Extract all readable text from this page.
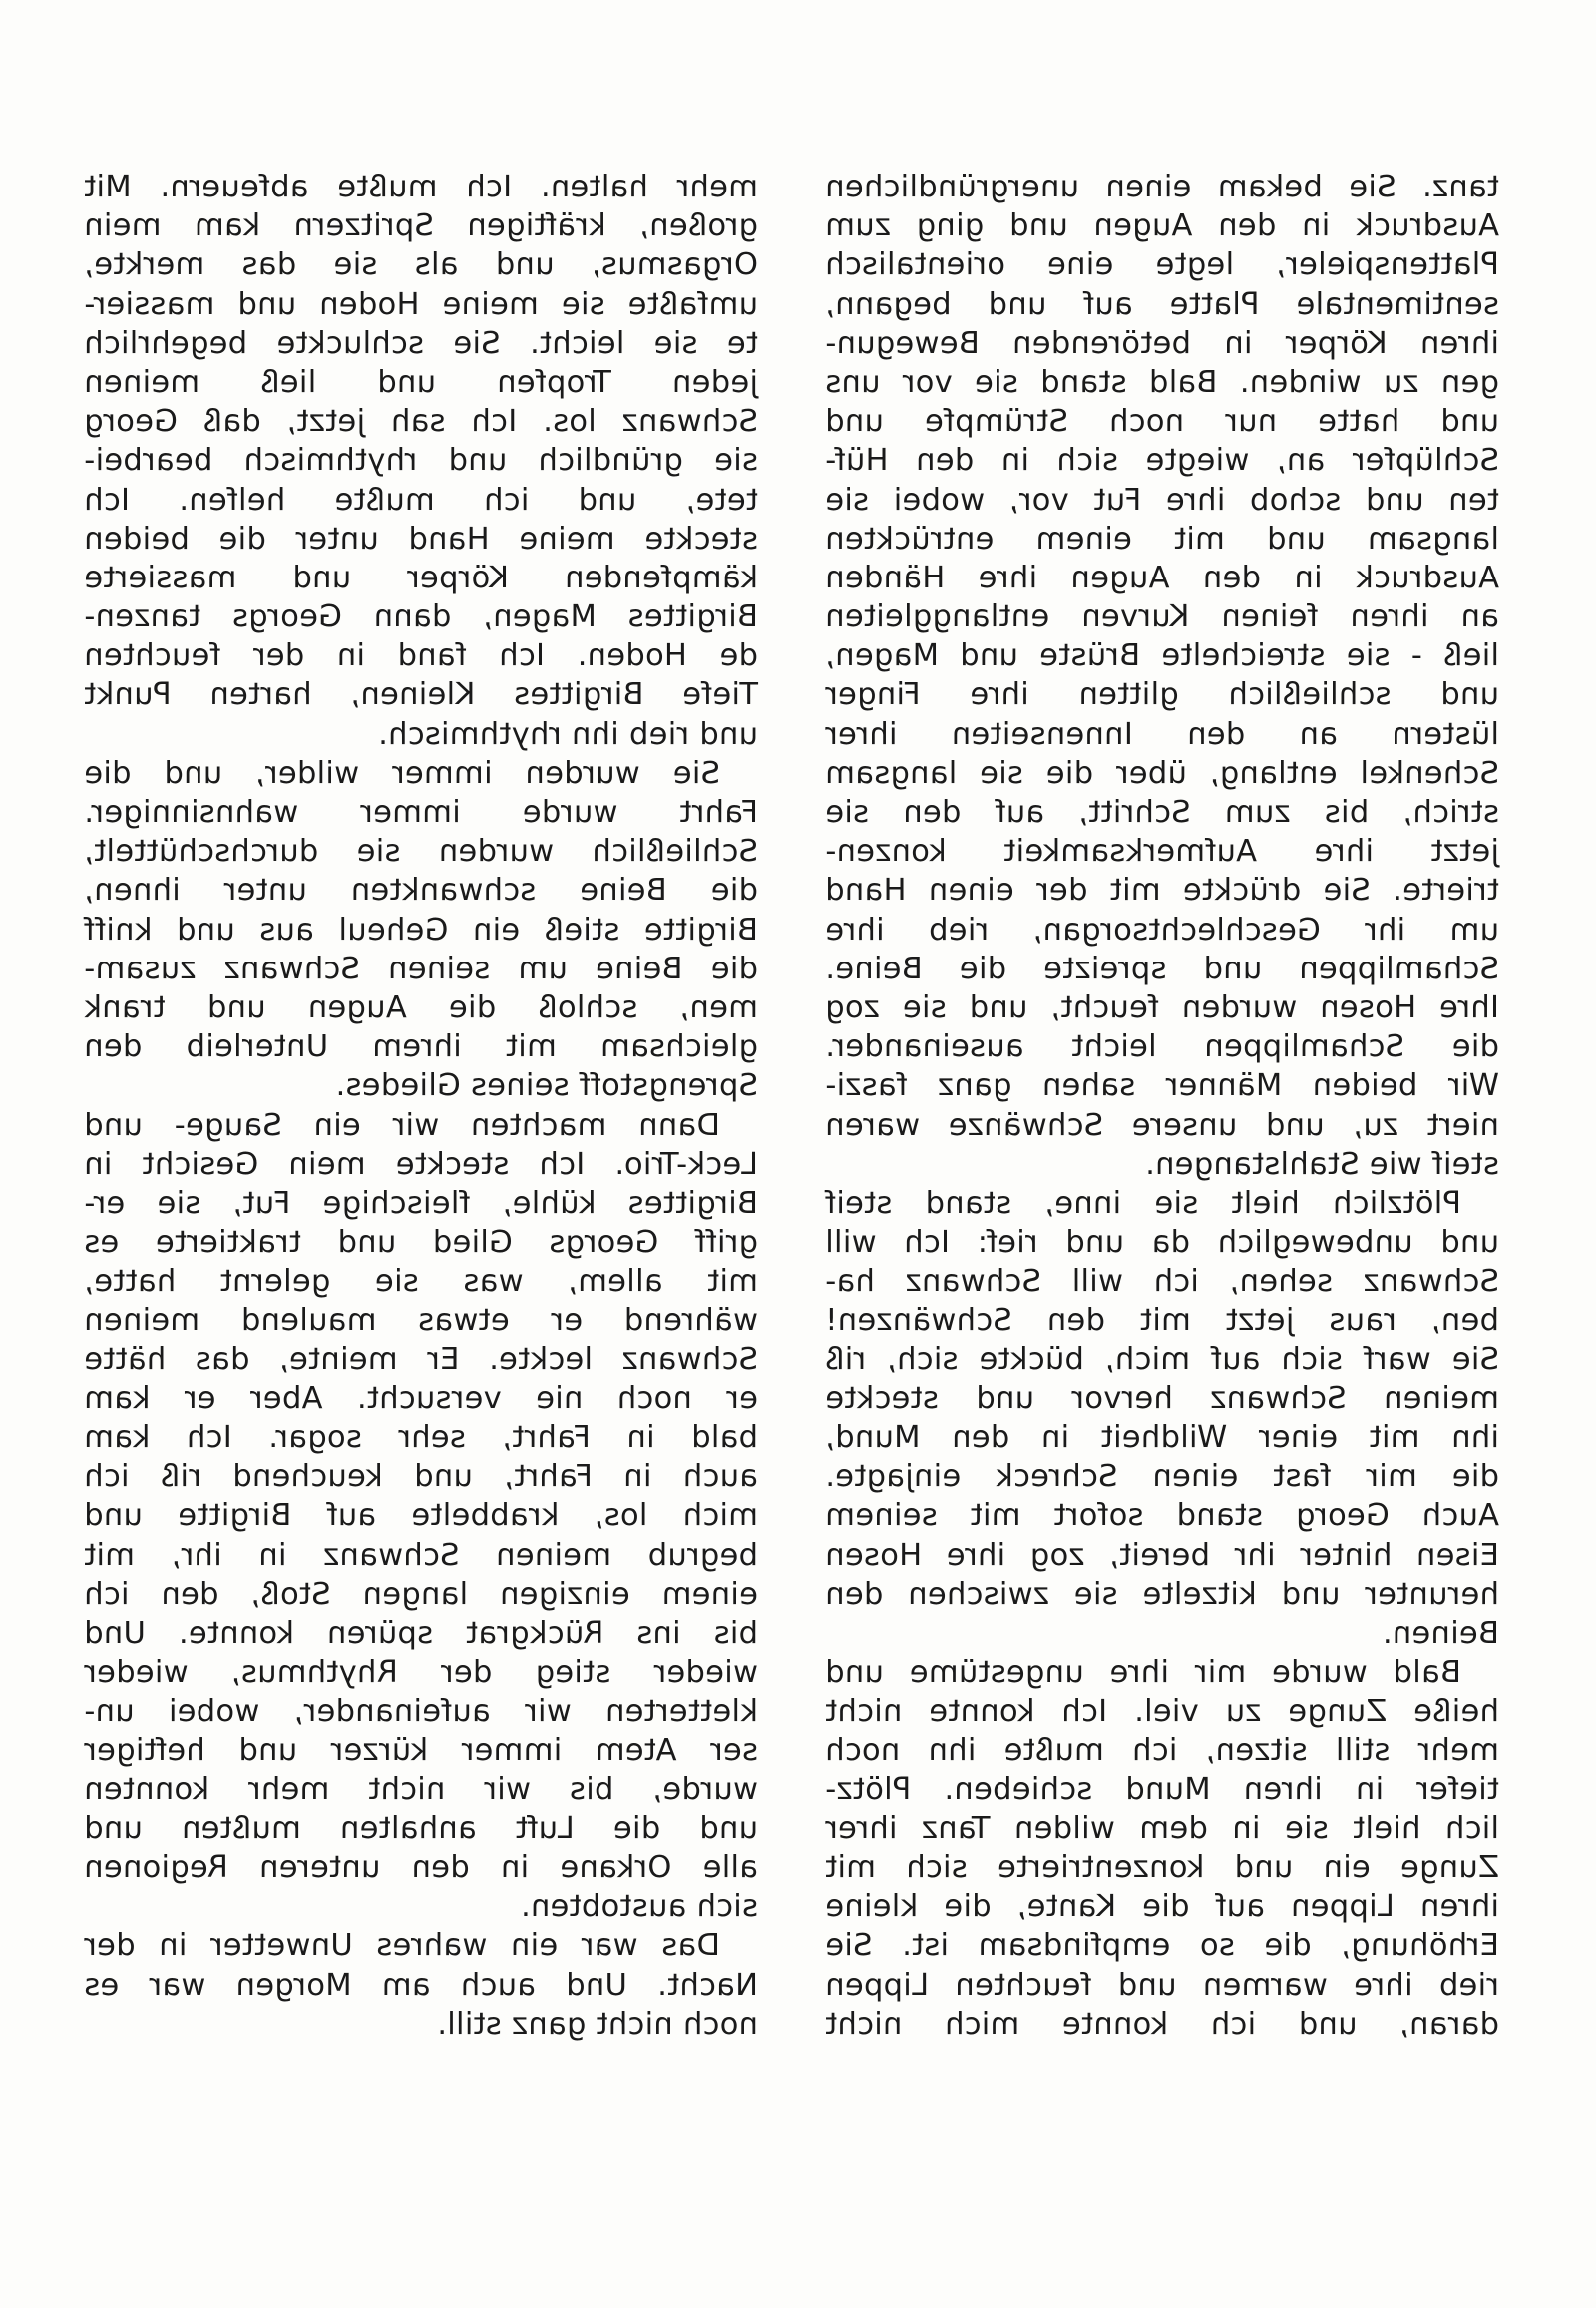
tanz. Sie bekam einen unergründlichen
Ausdruck in den Augen und ging zum
Plattenspieler, legte eine orientalisch
sentimentale Platte auf und begann,
ihren Körper in betörenden Bewegun-
gen zu winden. Bald stand sie vor uns
und hatte nur noch Strümpfe und
Schlüpfer an, wiegte sich in den Hüf-
ten und schob ihre Fut vor, wobei sie
langsam und mit einem entrückten
Ausdruck in den Augen ihre Händen
an ihren feinen Kurven entlanggleiten
ließ - sie streichelte Brüste und Magen,
und schließlich glitten ihre Finger
lüstern an den Innenseiten ihrer
Schenkel entlang, über die sie langsam
strich, bis zum Schritt, auf den sie
jetzt ihre Aufmerksamkeit konzen-
trierte. Sie drückte mit der einen Hand
um ihr Geschlechtsorgan, rieb ihre
Schamlippen und spreizte die Beine.
Ihre Hosen wurden feucht, und sie zog
die Schamlippen leicht auseinander.
Wir beiden Männer sahen ganz faszi-
niert zu, und unsere Schwänze waren
steif wie Stahlstangen.
Plötzlich hielt sie inne, stand steif
und unbeweglich da und rief: Ich will
Schwanz sehen, ich will Schwanz ha-
ben, raus jetzt mit den Schwänzen!
Sie warf sich auf mich, bückte sich, riß
meinen Schwanz hervor und steckte
ihn mit einer Wildheit in den Mund,
die mir fast einen Schreck einjagte.
Auch Georg stand sofort mit seinem
Eisen hinter ihr bereit, zog ihre Hosen
herunter und kitzelte sie zwischen den
Beinen.
Bald wurde mir ihre ungestüme und
heiße Zunge zu viel. Ich konnte nicht
mehr still sitzen, ich mußte ihn noch
tiefer in ihren Mund schieben. Plötz-
lich hielt sie in dem wilden Tanz ihrer
Zunge ein und konzentrierte sich mit
ihren Lippen auf die Kante, die kleine
Erhöhung, die so empfindsam ist. Sie
rieb ihre warmen und feuchten Lippen
daran, und ich konnte mich nicht
mehr halten. Ich mußte abfeuern. Mit
großen, kräftigen Spritzern kam mein
Orgasmus, und als sie das merkte,
umfaßte sie meine Hoden und massier-
te sie leicht. Sie schluckte begehrlich
jeden Tropfen und ließ meinen
Schwanz los. Ich sah jetzt, daß Georg
sie gründlich und rhythmisch bearbei-
tete, und ich mußte helfen. Ich
steckte meine Hand unter die beiden
kämpfenden Körper und massierte
Birgittes Magen, dann Georgs tanzen-
de Hoden. Ich fand in der feuchten
Tiefe Birgittes Kleinen, harten Punkt
und rieb ihn rhythmisch.
Sie wurden immer wilder, und die
Fahrt wurde immer wahnsinniger.
Schließlich wurden sie durchschüttelt,
die Beine schwankten unter ihnen,
Birgitte stieß ein Geheul aus und kniff
die Beine um seinen Schwanz zusam-
men, schloß die Augen und trank
gleichsam mit ihrem Unterleib den
Sprengstoff seines Gliedes.
Dann machten wir ein Sauge- und
Leck-Trio. Ich steckte mein Gesicht in
Birgittes kühle, fleischige Fut, sie er-
griff Georgs Glied und traktierte es
mit allem, was sie gelernt hatte,
während er etwas maulend meinen
Schwanz leckte. Er meinte, das hätte
er noch nie versucht. Aber er kam
bald in Fahrt, sehr sogar. Ich kam
auch in Fahrt, und keuchend riß ich
mich los, krabbelte auf Birgitte und
begrub meinen Schwanz in ihr, mit
einem einzigen langen Stoß, den ich
bis ins Rückgrat spüren konnte. Und
wieder stieg der Rhythmus, wieder
kletterten wir aufeinander, wobei un-
ser Atem immer kürzer und heftiger
wurde, bis wir nicht mehr konnten
und die Luft anhalten mußten und
alle Orkane in den unteren Regionen
sich austobten.
Das war ein wahres Unwetter in der
Nacht. Und auch am Morgen war es
noch nicht ganz still.
